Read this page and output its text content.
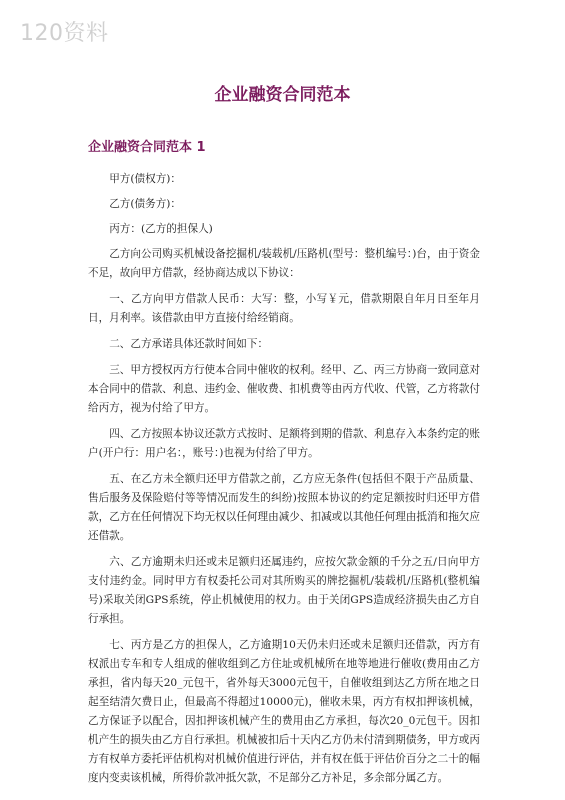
120资料
企业融资合同范本
企业融资合同范本 1

甲方(债权方)：

乙方(债务方)：

丙方：(乙方的担保人)

乙方向公司购买机械设备挖掘机/装载机/压路机(型号：整机编号：)台，由于资金不足，故向甲方借款，经协商达成以下协议：

一、乙方向甲方借款人民币：大写：整，小写￥元，借款期限自年月日至年月日，月利率。该借款由甲方直接付给经销商。

二、乙方承诺具体还款时间如下：

三、甲方授权丙方行使本合同中催收的权利。经甲、乙、丙三方协商一致同意对本合同中的借款、利息、违约金、催收费、扣机费等由丙方代收、代管，乙方将款付给丙方，视为付给了甲方。

四、乙方按照本协议还款方式按时、足额将到期的借款、利息存入本条约定的账户(开户行：用户名：，账号：)也视为付给了甲方。

五、在乙方未全额归还甲方借款之前，乙方应无条件(包括但不限于产品质量、售后服务及保险赔付等等情况而发生的纠纷)按照本协议的约定足额按时归还甲方借款，乙方在任何情况下均无权以任何理由减少、扣减或以其他任何理由抵消和拖欠应还借款。

六、乙方逾期未归还或未足额归还属违约，应按欠款金额的千分之五/日向甲方支付违约金。同时甲方有权委托公司对其所购买的牌挖掘机/装载机/压路机(整机编号)采取关闭GPS系统，停止机械使用的权力。由于关闭GPS造成经济损失由乙方自行承担。

七、丙方是乙方的担保人，乙方逾期10天仍未归还或未足额归还借款，丙方有权派出专车和专人组成的催收组到乙方住址或机械所在地等地进行催收(费用由乙方承担，省内每天20_元包干，省外每天3000元包干，自催收组到达乙方所在地之日起至结清欠费日止，但最高不得超过10000元)，催收未果，丙方有权扣押该机械，乙方保证予以配合，因扣押该机械产生的费用由乙方承担，每次20_0元包干。因扣机产生的损失由乙方自行承担。机械被扣后十天内乙方仍未付清到期债务，甲方或丙方有权单方委托评估机构对机械价值进行评估，并有权在低于评估价百分之二十的幅度内变卖该机械，所得价款冲抵欠款，不足部分乙方补足，多余部分属乙方。
